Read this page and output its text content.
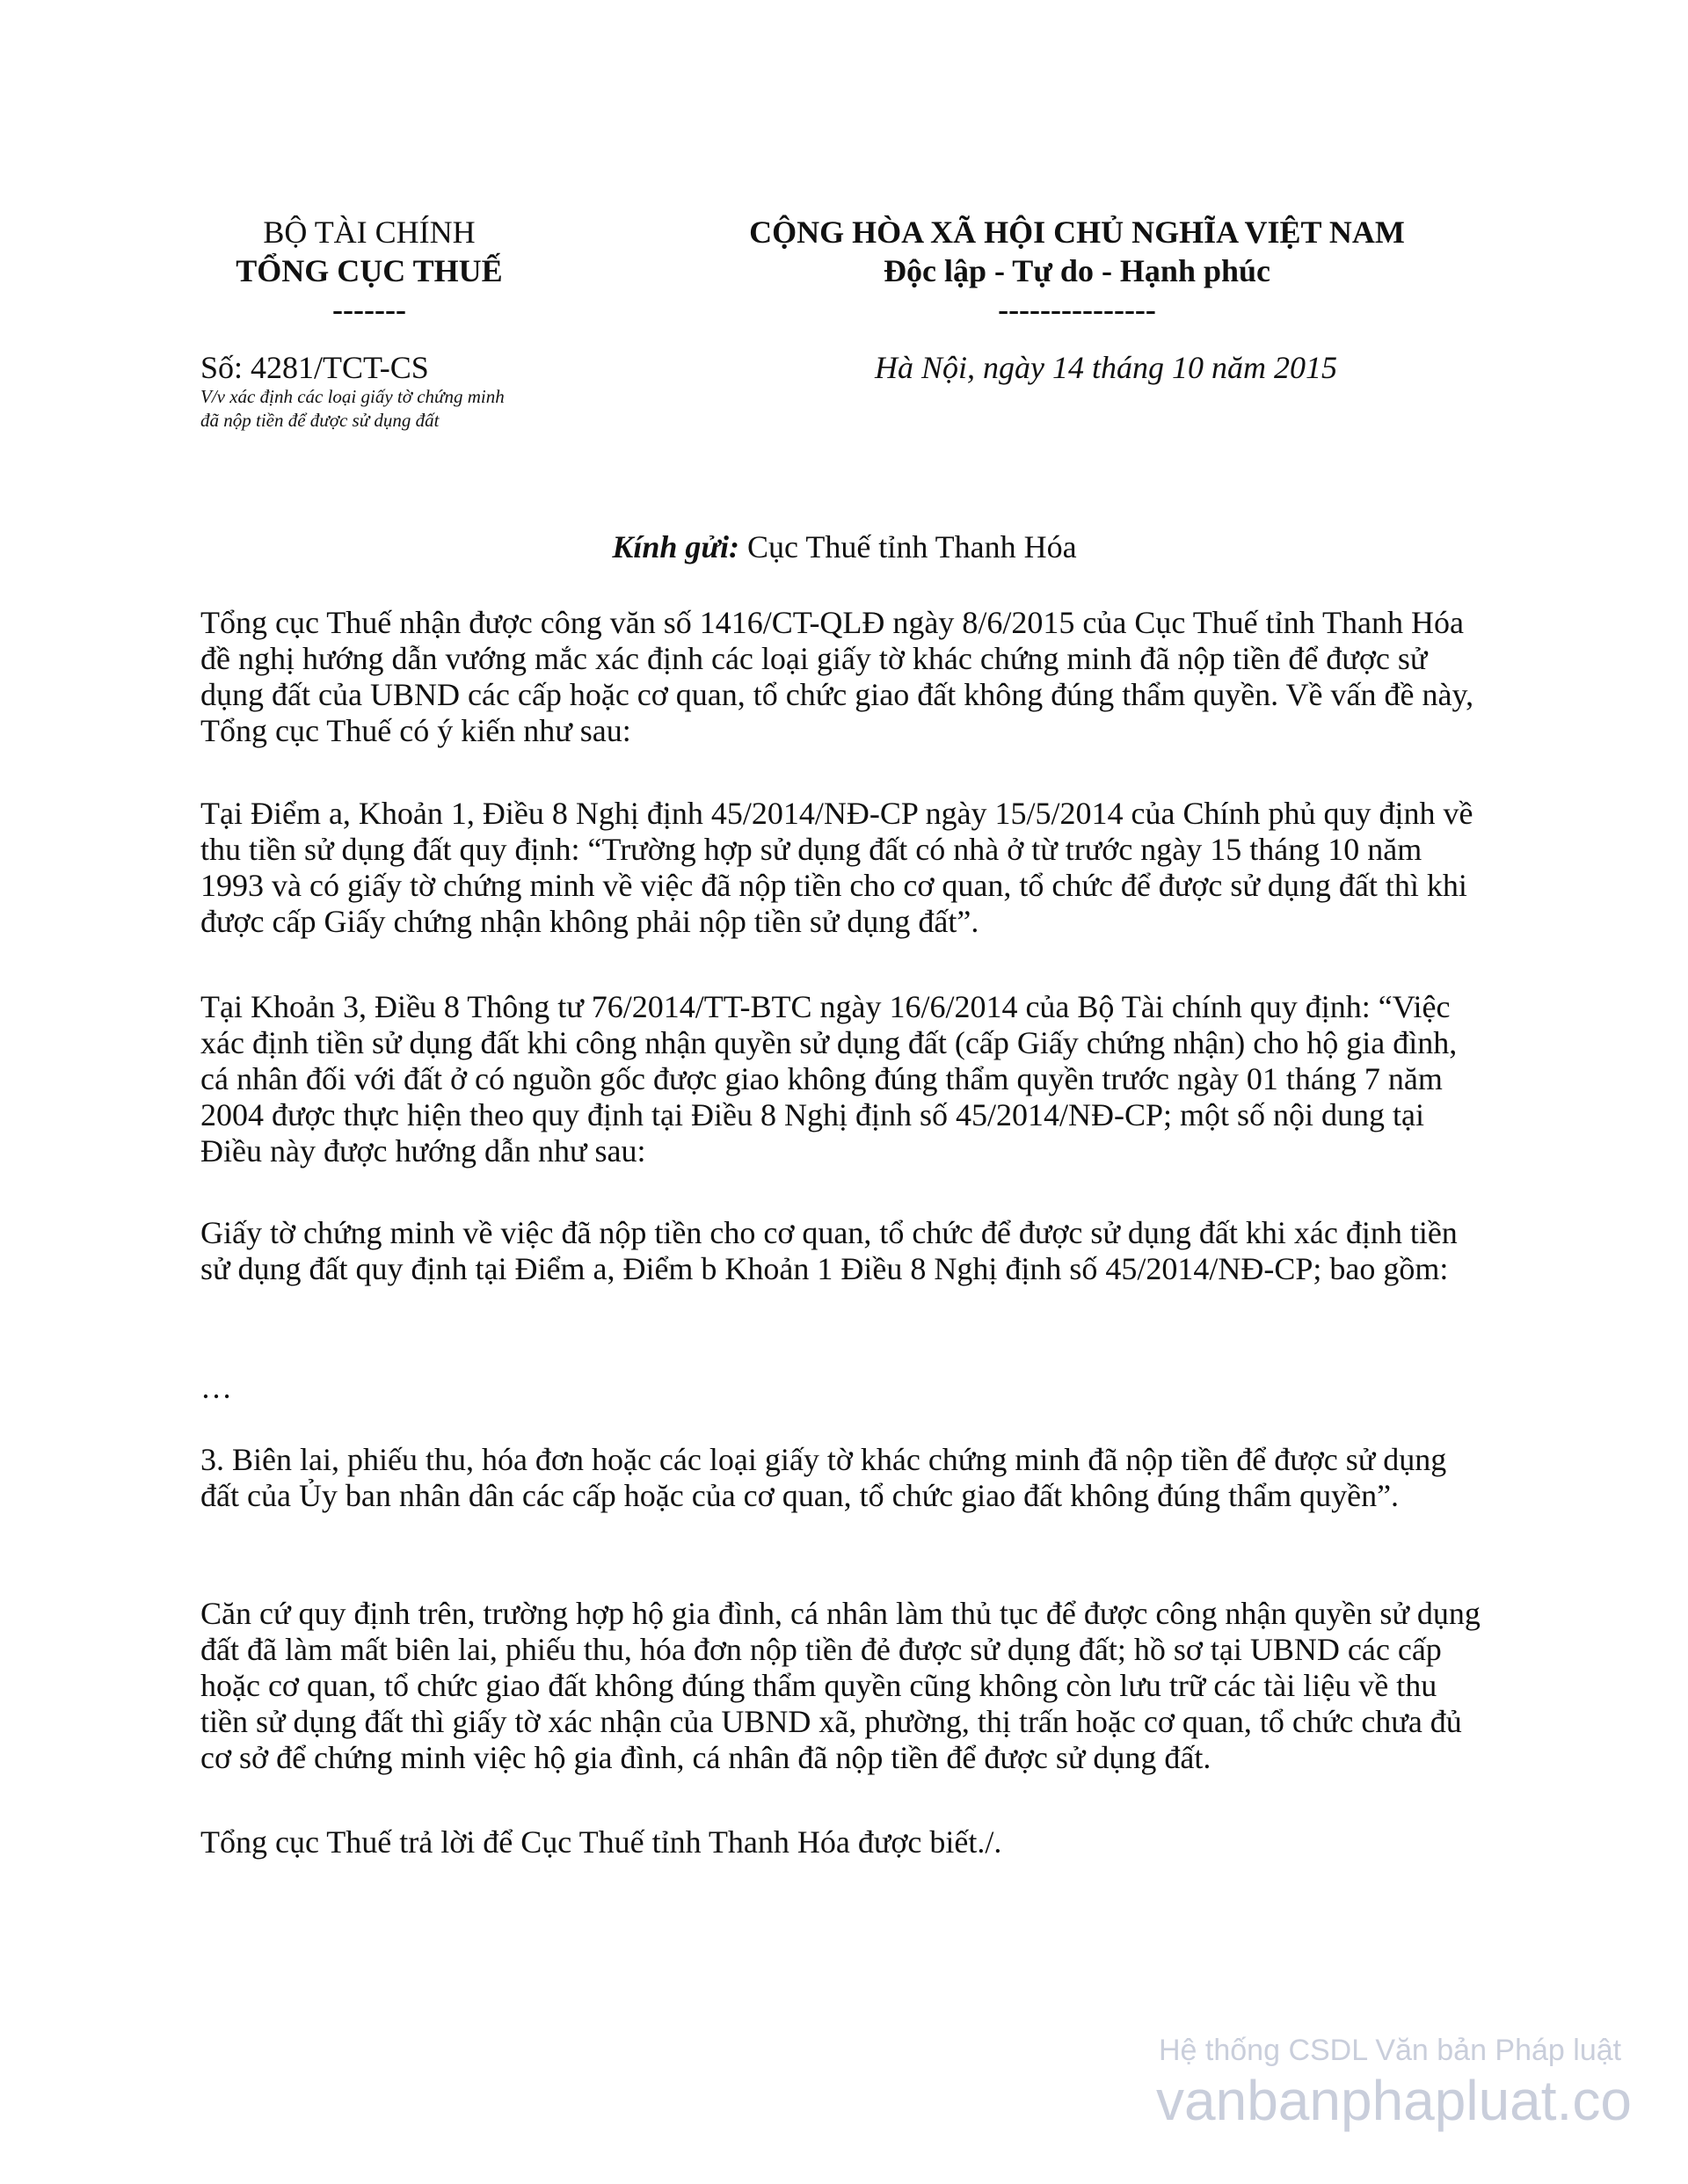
BỘ TÀI CHÍNH
TỔNG CỤC THUẾ
-------
CỘNG HÒA XÃ HỘI CHỦ NGHĨA VIỆT NAM
Độc lập - Tự do - Hạnh phúc
---------------
Số: 4281/TCT-CS
V/v xác định các loại giấy tờ chứng minh
đã nộp tiền để được sử dụng đất
Hà Nội, ngày 14 tháng 10 năm 2015
Kính gửi: Cục Thuế tỉnh Thanh Hóa

Tổng cục Thuế nhận được công văn số 1416/CT-QLĐ ngày 8/6/2015 của Cục Thuế tỉnh Thanh Hóa đề nghị hướng dẫn vướng mắc xác định các loại giấy tờ khác chứng minh đã nộp tiền để được sử dụng đất của UBND các cấp hoặc cơ quan, tổ chức giao đất không đúng thẩm quyền. Về vấn đề này, Tổng cục Thuế có ý kiến như sau:

Tại Điểm a, Khoản 1, Điều 8 Nghị định 45/2014/NĐ-CP ngày 15/5/2014 của Chính phủ quy định về thu tiền sử dụng đất quy định: “Trường hợp sử dụng đất có nhà ở từ trước ngày 15 tháng 10 năm 1993 và có giấy tờ chứng minh về việc đã nộp tiền cho cơ quan, tổ chức để được sử dụng đất thì khi được cấp Giấy chứng nhận không phải nộp tiền sử dụng đất”.

Tại Khoản 3, Điều 8 Thông tư 76/2014/TT-BTC ngày 16/6/2014 của Bộ Tài chính quy định: “Việc xác định tiền sử dụng đất khi công nhận quyền sử dụng đất (cấp Giấy chứng nhận) cho hộ gia đình, cá nhân đối với đất ở có nguồn gốc được giao không đúng thẩm quyền trước ngày 01 tháng 7 năm 2004 được thực hiện theo quy định tại Điều 8 Nghị định số 45/2014/NĐ-CP; một số nội dung tại Điều này được hướng dẫn như sau:

Giấy tờ chứng minh về việc đã nộp tiền cho cơ quan, tổ chức để được sử dụng đất khi xác định tiền sử dụng đất quy định tại Điểm a, Điểm b Khoản 1 Điều 8 Nghị định số 45/2014/NĐ-CP; bao gồm:

…

3. Biên lai, phiếu thu, hóa đơn hoặc các loại giấy tờ khác chứng minh đã nộp tiền để được sử dụng đất của Ủy ban nhân dân các cấp hoặc của cơ quan, tổ chức giao đất không đúng thẩm quyền”.

Căn cứ quy định trên, trường hợp hộ gia đình, cá nhân làm thủ tục để được công nhận quyền sử dụng đất đã làm mất biên lai, phiếu thu, hóa đơn nộp tiền đẻ được sử dụng đất; hồ sơ tại UBND các cấp hoặc cơ quan, tổ chức giao đất không đúng thẩm quyền cũng không còn lưu trữ các tài liệu về thu tiền sử dụng đất thì giấy tờ xác nhận của UBND xã, phường, thị trấn hoặc cơ quan, tổ chức chưa đủ cơ sở để chứng minh việc hộ gia đình, cá nhân đã nộp tiền để được sử dụng đất.

Tổng cục Thuế trả lời để Cục Thuế tỉnh Thanh Hóa được biết./.

Hệ thống CSDL Văn bản Pháp luật
vanbanphapluat.co
